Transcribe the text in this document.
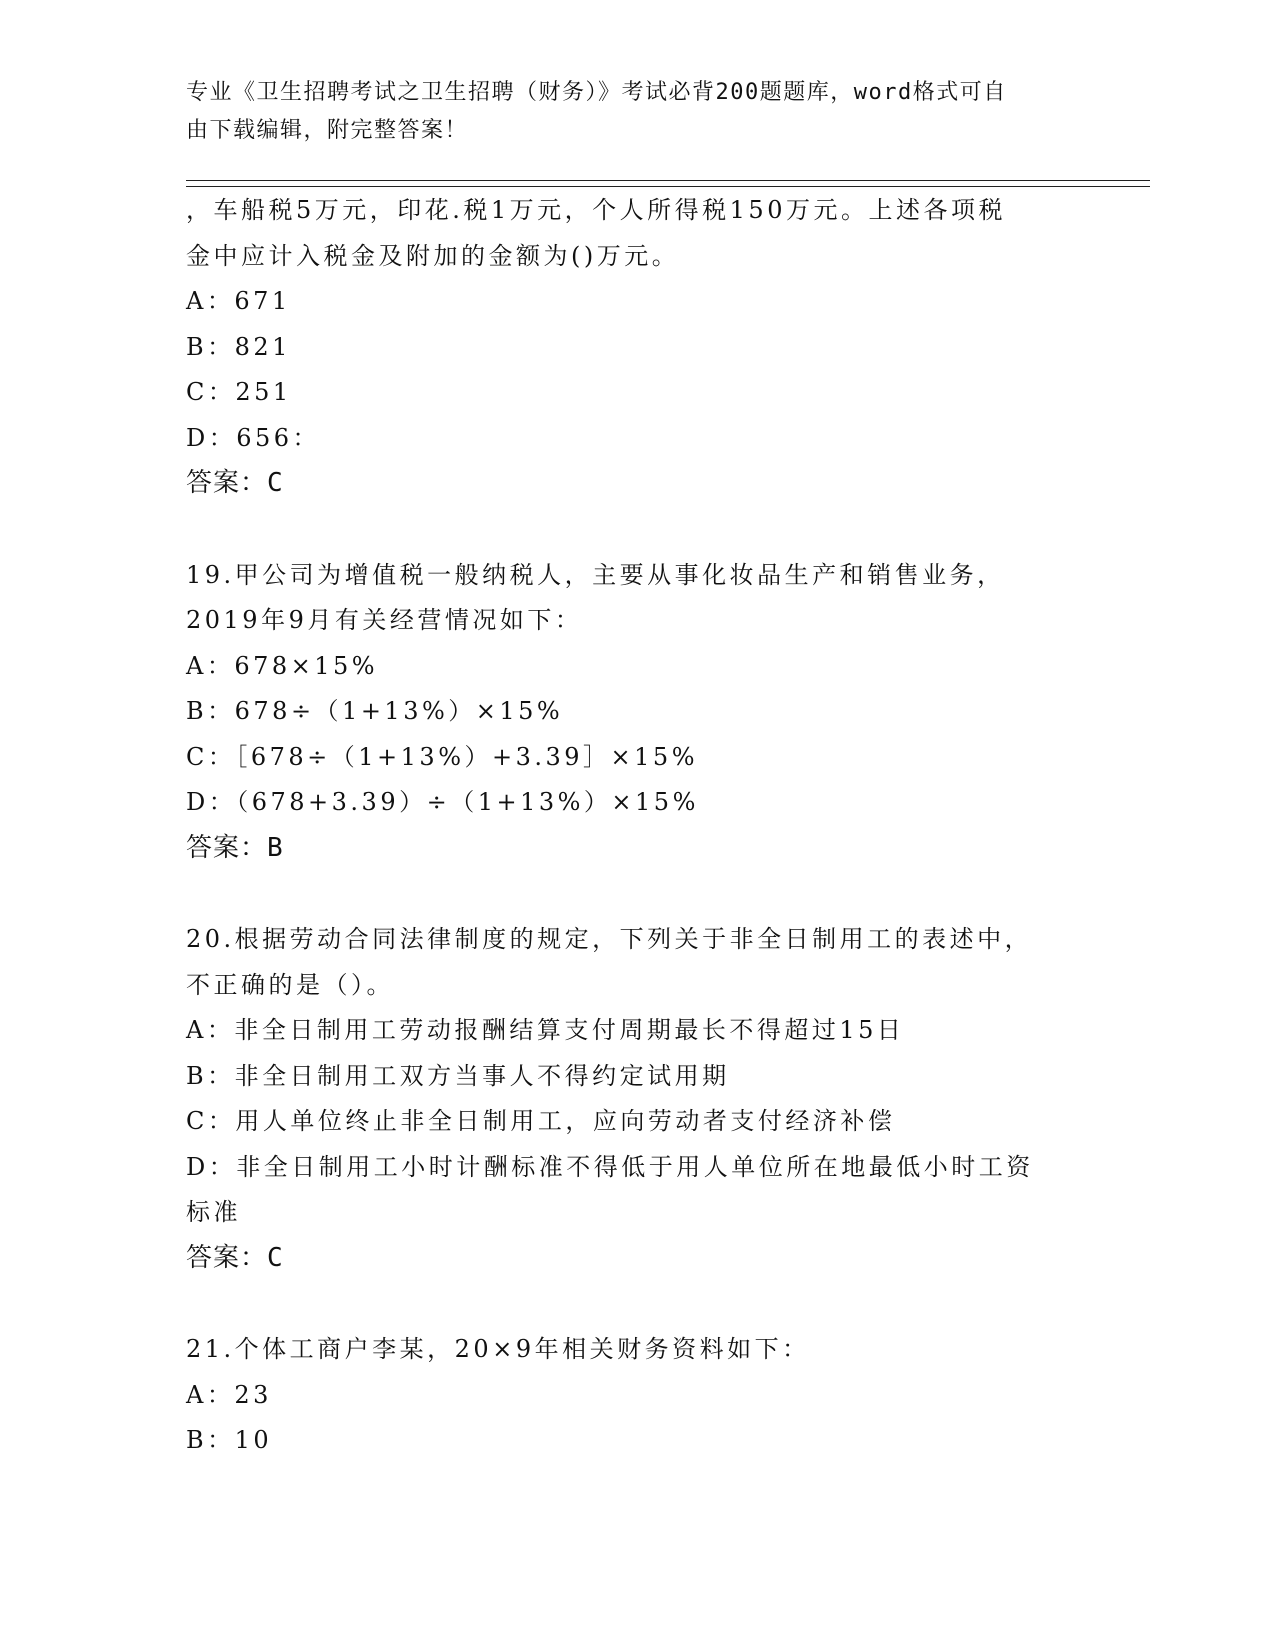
专业《卫生招聘考试之卫生招聘（财务）》考试必背200题题库，word格式可自
由下载编辑，附完整答案！
，车船税5万元，印花.税1万元，个人所得税150万元。上述各项税
金中应计入税金及附加的金额为()万元。
A：671
B：821
C：251
D：656：
答案：C
19.甲公司为增值税一般纳税人，主要从事化妆品生产和销售业务，
2019年9月有关经营情况如下：
A：678×15%
B：678÷（1+13%）×15%
C：［678÷（1+13%）+3.39］×15%
D：（678+3.39）÷（1+13%）×15%
答案：B
20.根据劳动合同法律制度的规定，下列关于非全日制用工的表述中，
不正确的是（）。
A：非全日制用工劳动报酬结算支付周期最长不得超过15日
B：非全日制用工双方当事人不得约定试用期
C：用人单位终止非全日制用工，应向劳动者支付经济补偿
D：非全日制用工小时计酬标准不得低于用人单位所在地最低小时工资
标准
答案：C
21.个体工商户李某，20×9年相关财务资料如下：
A：23
B：10
